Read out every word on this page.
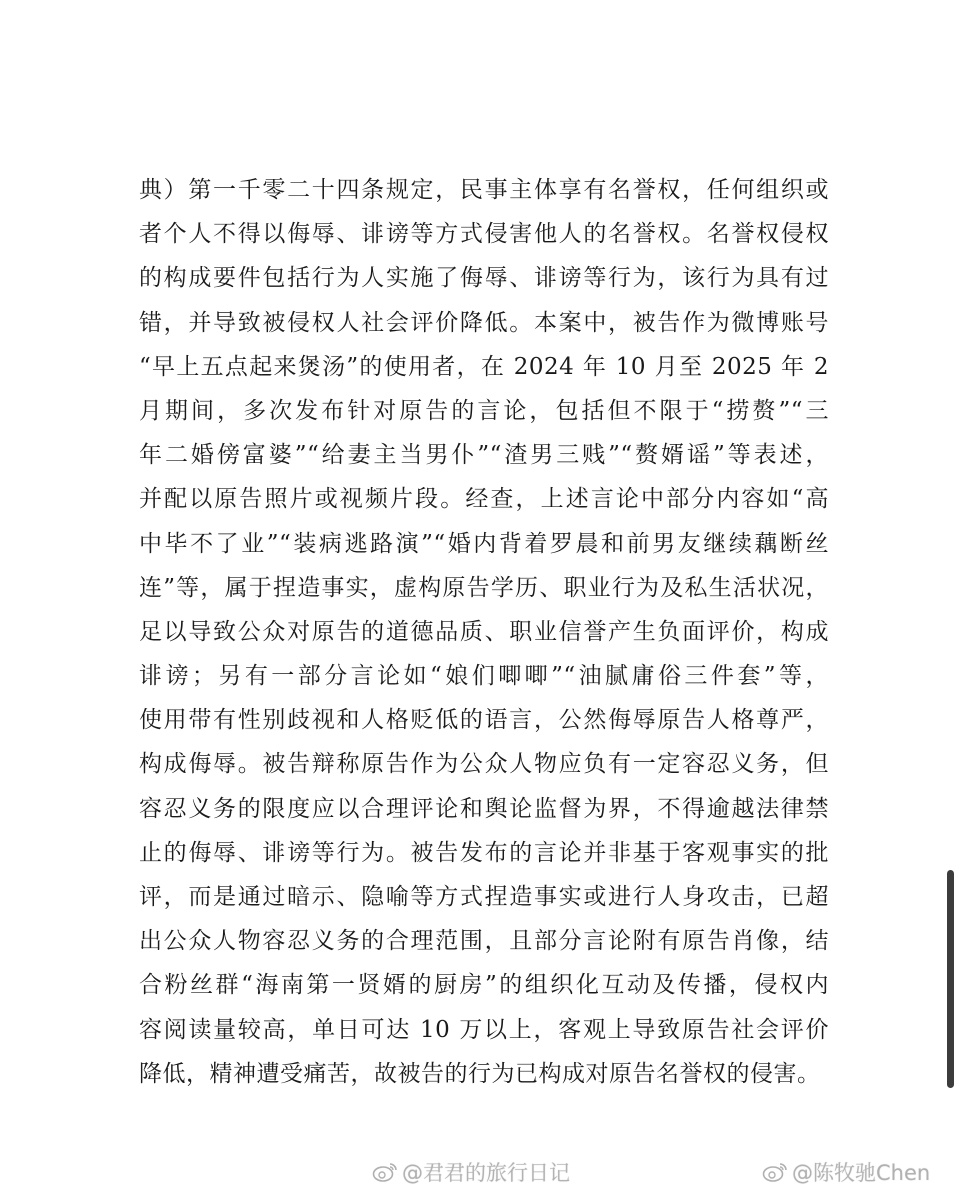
典）第一千零二十四条规定，民事主体享有名誉权，任何组织或
者个人不得以侮辱、诽谤等方式侵害他人的名誉权。名誉权侵权
的构成要件包括行为人实施了侮辱、诽谤等行为，该行为具有过
错，并导致被侵权人社会评价降低。本案中，被告作为微博账号
“早上五点起来煲汤”的使用者，在 2024 年 10 月至 2025 年 2
月期间，多次发布针对原告的言论，包括但不限于“捞赘”“三
年二婚傍富婆”“给妻主当男仆”“渣男三贱”“赘婿谣”等表述，
并配以原告照片或视频片段。经查，上述言论中部分内容如“高
中毕不了业”“装病逃路演”“婚内背着罗晨和前男友继续藕断丝
连”等，属于捏造事实，虚构原告学历、职业行为及私生活状况，
足以导致公众对原告的道德品质、职业信誉产生负面评价，构成
诽谤；另有一部分言论如“娘们唧唧”“油腻庸俗三件套”等，
使用带有性别歧视和人格贬低的语言，公然侮辱原告人格尊严，
构成侮辱。被告辩称原告作为公众人物应负有一定容忍义务，但
容忍义务的限度应以合理评论和舆论监督为界，不得逾越法律禁
止的侮辱、诽谤等行为。被告发布的言论并非基于客观事实的批
评，而是通过暗示、隐喻等方式捏造事实或进行人身攻击，已超
出公众人物容忍义务的合理范围，且部分言论附有原告肖像，结
合粉丝群“海南第一贤婿的厨房”的组织化互动及传播，侵权内
容阅读量较高，单日可达 10 万以上，客观上导致原告社会评价
降低，精神遭受痛苦，故被告的行为已构成对原告名誉权的侵害。
@君君的旅行日记	@陈牧驰Chen
